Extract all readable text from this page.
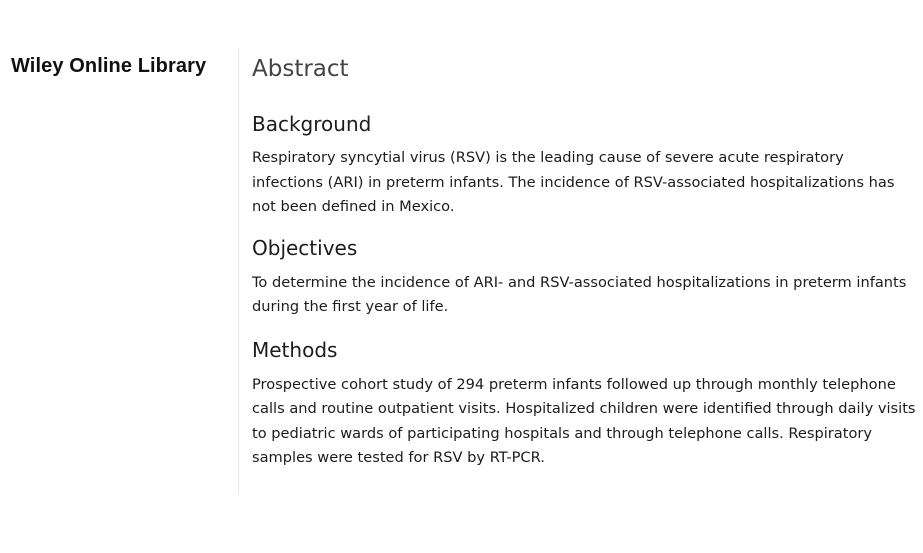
Wiley Online Library Abstract
Background

Respiratory syncytial virus (RSV) is the leading cause of severe acute respiratory infections (ARI) in preterm infants. The incidence of RSV-associated hospitalizations has not been defined in Mexico.

Objectives

To determine the incidence of ARI- and RSV-associated hospitalizations in preterm infants during the first year of life.

Methods

Prospective cohort study of 294 preterm infants followed up through monthly telephone calls and routine outpatient visits. Hospitalized children were identified through daily visits to pediatric wards of participating hospitals and through telephone calls. Respiratory samples were tested for RSV by RT-PCR.
